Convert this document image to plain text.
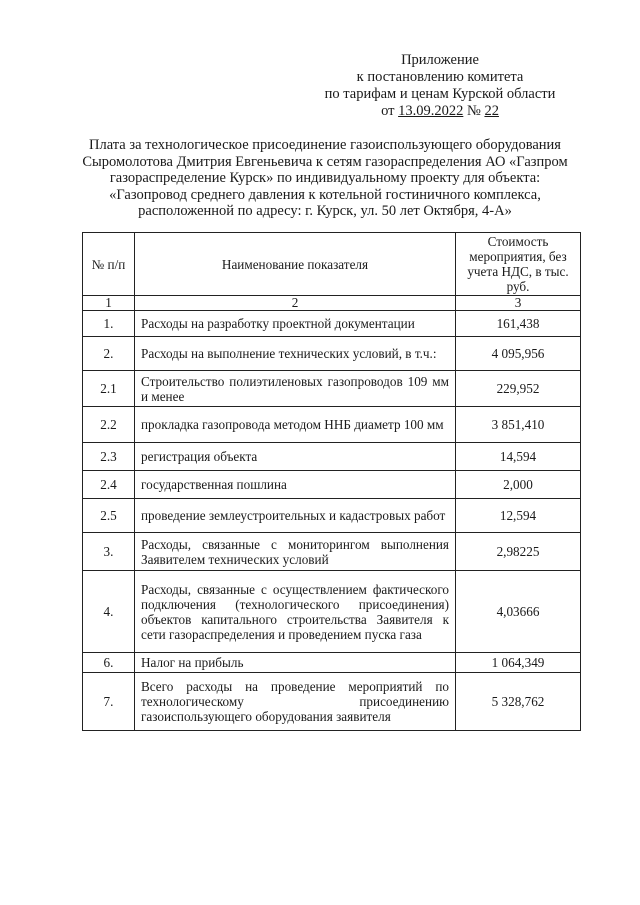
Приложение
к постановлению комитета
по тарифам и ценам Курской области
от 13.09.2022 № 22
Плата за технологическое присоединение газоиспользующего оборудования
Сыромолотова Дмитрия Евгеньевича к сетям газораспределения АО «Газпром
газораспределение Курск» по индивидуальному проекту для объекта:
«Газопровод среднего давления к котельной гостиничного комплекса,
расположенной по адресу: г. Курск, ул. 50 лет Октября, 4-А»
№ п/п	Наименование показателя	Стоимость мероприятия, без учета НДС, в тыс. руб.
1	2	3
1.	Расходы на разработку проектной документации	161,438
2.	Расходы на выполнение технических условий, в т.ч.:	4 095,956
2.1	Строительство полиэтиленовых газопроводов 109 мм и менее	229,952
2.2	прокладка газопровода методом ННБ диаметр 100 мм	3 851,410
2.3	регистрация объекта	14,594
2.4	государственная пошлина	2,000
2.5	проведение землеустроительных и кадастровых работ	12,594
3.	Расходы, связанные с мониторингом выполнения Заявителем технических условий	2,98225
4.	Расходы, связанные с осуществлением фактического подключения (технологического присоединения) объектов капитального строительства Заявителя к сети газораспределения и проведением пуска газа	4,03666
6.	Налог на прибыль	1 064,349
7.	Всего расходы на проведение мероприятий по технологическому присоединению газоиспользующего оборудования заявителя	5 328,762
